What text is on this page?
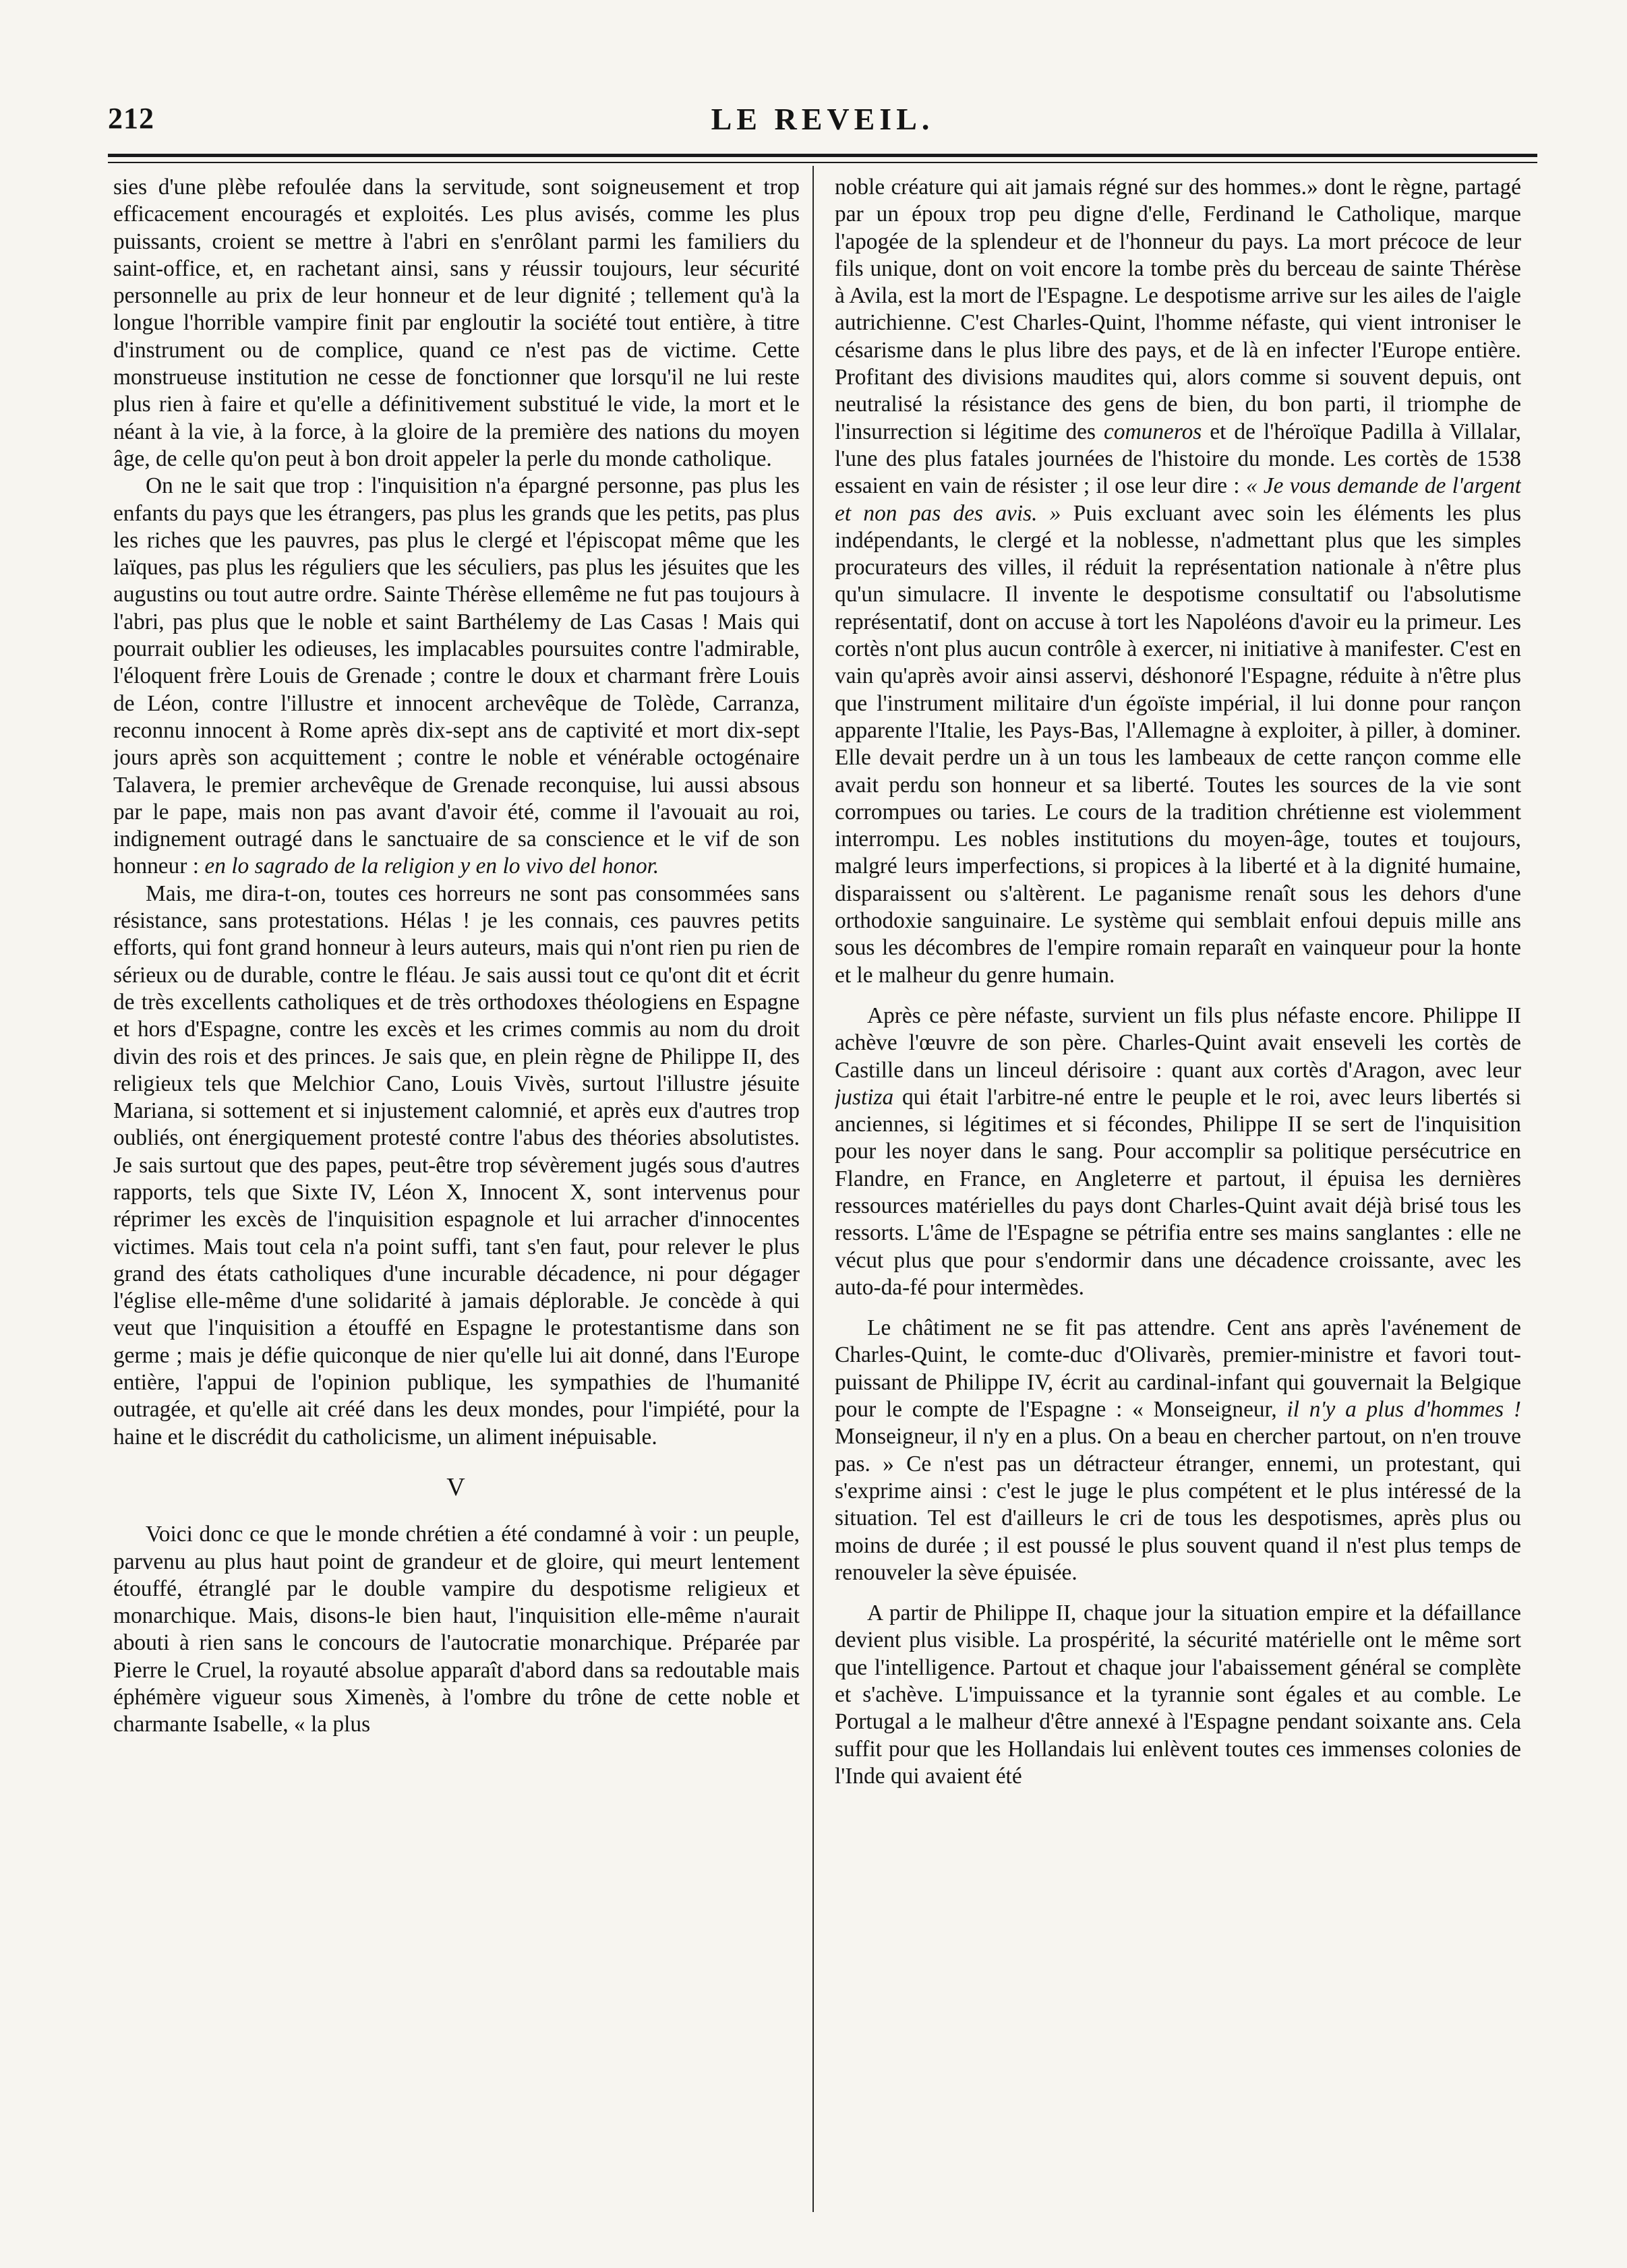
212	LE REVEIL.

sies d'une plèbe refoulée dans la servitude, sont soigneusement et trop efficacement encouragés et exploités. Les plus avisés, comme les plus puissants, croient se mettre à l'abri en s'enrôlant parmi les familiers du saint-office, et, en rachetant ainsi, sans y réussir toujours, leur sécurité personnelle au prix de leur honneur et de leur dignité ; tellement qu'à la longue l'horrible vampire finit par engloutir la société tout entière, à titre d'instrument ou de complice, quand ce n'est pas de victime. Cette monstrueuse institution ne cesse de fonctionner que lorsqu'il ne lui reste plus rien à faire et qu'elle a définitivement substitué le vide, la mort et le néant à la vie, à la force, à la gloire de la première des nations du moyen âge, de celle qu'on peut à bon droit appeler la perle du monde catholique.

On ne le sait que trop : l'inquisition n'a épargné personne, pas plus les enfants du pays que les étrangers, pas plus les grands que les petits, pas plus les riches que les pauvres, pas plus le clergé et l'épiscopat même que les laïques, pas plus les réguliers que les séculiers, pas plus les jésuites que les augustins ou tout autre ordre. Sainte Thérèse ellemême ne fut pas toujours à l'abri, pas plus que le noble et saint Barthélemy de Las Casas ! Mais qui pourrait oublier les odieuses, les implacables poursuites contre l'admirable, l'éloquent frère Louis de Grenade ; contre le doux et charmant frère Louis de Léon, contre l'illustre et innocent archevêque de Tolède, Carranza, reconnu innocent à Rome après dix-sept ans de captivité et mort dix-sept jours après son acquittement ; contre le noble et vénérable octogénaire Talavera, le premier archevêque de Grenade reconquise, lui aussi absous par le pape, mais non pas avant d'avoir été, comme il l'avouait au roi, indignement outragé dans le sanctuaire de sa conscience et le vif de son honneur : en lo sagrado de la religion y en lo vivo del honor.

Mais, me dira-t-on, toutes ces horreurs ne sont pas consommées sans résistance, sans protestations. Hélas ! je les connais, ces pauvres petits efforts, qui font grand honneur à leurs auteurs, mais qui n'ont rien pu rien de sérieux ou de durable, contre le fléau. Je sais aussi tout ce qu'ont dit et écrit de très excellents catholiques et de très orthodoxes théologiens en Espagne et hors d'Espagne, contre les excès et les crimes commis au nom du droit divin des rois et des princes. Je sais que, en plein règne de Philippe II, des religieux tels que Melchior Cano, Louis Vivès, surtout l'illustre jésuite Mariana, si sottement et si injustement calomnié, et après eux d'autres trop oubliés, ont énergiquement protesté contre l'abus des théories absolutistes. Je sais surtout que des papes, peut-être trop sévèrement jugés sous d'autres rapports, tels que Sixte IV, Léon X, Innocent X, sont intervenus pour réprimer les excès de l'inquisition espagnole et lui arracher d'innocentes victimes. Mais tout cela n'a point suffi, tant s'en faut, pour relever le plus grand des états catholiques d'une incurable décadence, ni pour dégager l'église elle-même d'une solidarité à jamais déplorable. Je concède à qui veut que l'inquisition a étouffé en Espagne le protestantisme dans son germe ; mais je défie quiconque de nier qu'elle lui ait donné, dans l'Europe entière, l'appui de l'opinion publique, les sympathies de l'humanité outragée, et qu'elle ait créé dans les deux mondes, pour l'impiété, pour la haine et le discrédit du catholicisme, un aliment inépuisable.

V

Voici donc ce que le monde chrétien a été condamné à voir : un peuple, parvenu au plus haut point de grandeur et de gloire, qui meurt lentement étouffé, étranglé par le double vampire du despotisme religieux et monarchique. Mais, disons-le bien haut, l'inquisition elle-même n'aurait abouti à rien sans le concours de l'autocratie monarchique. Préparée par Pierre le Cruel, la royauté absolue apparaît d'abord dans sa redoutable mais éphémère vigueur sous Ximenès, à l'ombre du trône de cette noble et charmante Isabelle, « la plus

noble créature qui ait jamais régné sur des hommes.» dont le règne, partagé par un époux trop peu digne d'elle, Ferdinand le Catholique, marque l'apogée de la splendeur et de l'honneur du pays. La mort précoce de leur fils unique, dont on voit encore la tombe près du berceau de sainte Thérèse à Avila, est la mort de l'Espagne. Le despotisme arrive sur les ailes de l'aigle autrichienne. C'est Charles-Quint, l'homme néfaste, qui vient introniser le césarisme dans le plus libre des pays, et de là en infecter l'Europe entière. Profitant des divisions maudites qui, alors comme si souvent depuis, ont neutralisé la résistance des gens de bien, du bon parti, il triomphe de l'insurrection si légitime des comuneros et de l'héroïque Padilla à Villalar, l'une des plus fatales journées de l'histoire du monde. Les cortès de 1538 essaient en vain de résister ; il ose leur dire : « Je vous demande de l'argent et non pas des avis. » Puis excluant avec soin les éléments les plus indépendants, le clergé et la noblesse, n'admettant plus que les simples procurateurs des villes, il réduit la représentation nationale à n'être plus qu'un simulacre. Il invente le despotisme consultatif ou l'absolutisme représentatif, dont on accuse à tort les Napoléons d'avoir eu la primeur. Les cortès n'ont plus aucun contrôle à exercer, ni initiative à manifester. C'est en vain qu'après avoir ainsi asservi, déshonoré l'Espagne, réduite à n'être plus que l'instrument militaire d'un égoïste impérial, il lui donne pour rançon apparente l'Italie, les Pays-Bas, l'Allemagne à exploiter, à piller, à dominer. Elle devait perdre un à un tous les lambeaux de cette rançon comme elle avait perdu son honneur et sa liberté. Toutes les sources de la vie sont corrompues ou taries. Le cours de la tradition chrétienne est violemment interrompu. Les nobles institutions du moyen-âge, toutes et toujours, malgré leurs imperfections, si propices à la liberté et à la dignité humaine, disparaissent ou s'altèrent. Le paganisme renaît sous les dehors d'une orthodoxie sanguinaire. Le système qui semblait enfoui depuis mille ans sous les décombres de l'empire romain reparaît en vainqueur pour la honte et le malheur du genre humain.

Après ce père néfaste, survient un fils plus néfaste encore. Philippe II achève l'œuvre de son père. Charles-Quint avait enseveli les cortès de Castille dans un linceul dérisoire : quant aux cortès d'Aragon, avec leur justiza qui était l'arbitre-né entre le peuple et le roi, avec leurs libertés si anciennes, si légitimes et si fécondes, Philippe II se sert de l'inquisition pour les noyer dans le sang. Pour accomplir sa politique persécutrice en Flandre, en France, en Angleterre et partout, il épuisa les dernières ressources matérielles du pays dont Charles-Quint avait déjà brisé tous les ressorts. L'âme de l'Espagne se pétrifia entre ses mains sanglantes : elle ne vécut plus que pour s'endormir dans une décadence croissante, avec les auto-da-fé pour intermèdes.

Le châtiment ne se fit pas attendre. Cent ans après l'avénement de Charles-Quint, le comte-duc d'Olivarès, premier-ministre et favori tout-puissant de Philippe IV, écrit au cardinal-infant qui gouvernait la Belgique pour le compte de l'Espagne : « Monseigneur, il n'y a plus d'hommes ! Monseigneur, il n'y en a plus. On a beau en chercher partout, on n'en trouve pas. » Ce n'est pas un détracteur étranger, ennemi, un protestant, qui s'exprime ainsi : c'est le juge le plus compétent et le plus intéressé de la situation. Tel est d'ailleurs le cri de tous les despotismes, après plus ou moins de durée ; il est poussé le plus souvent quand il n'est plus temps de renouveler la sève épuisée.

A partir de Philippe II, chaque jour la situation empire et la défaillance devient plus visible. La prospérité, la sécurité matérielle ont le même sort que l'intelligence. Partout et chaque jour l'abaissement général se complète et s'achève. L'impuissance et la tyrannie sont égales et au comble. Le Portugal a le malheur d'être annexé à l'Espagne pendant soixante ans. Cela suffit pour que les Hollandais lui enlèvent toutes ces immenses colonies de l'Inde qui avaient été
